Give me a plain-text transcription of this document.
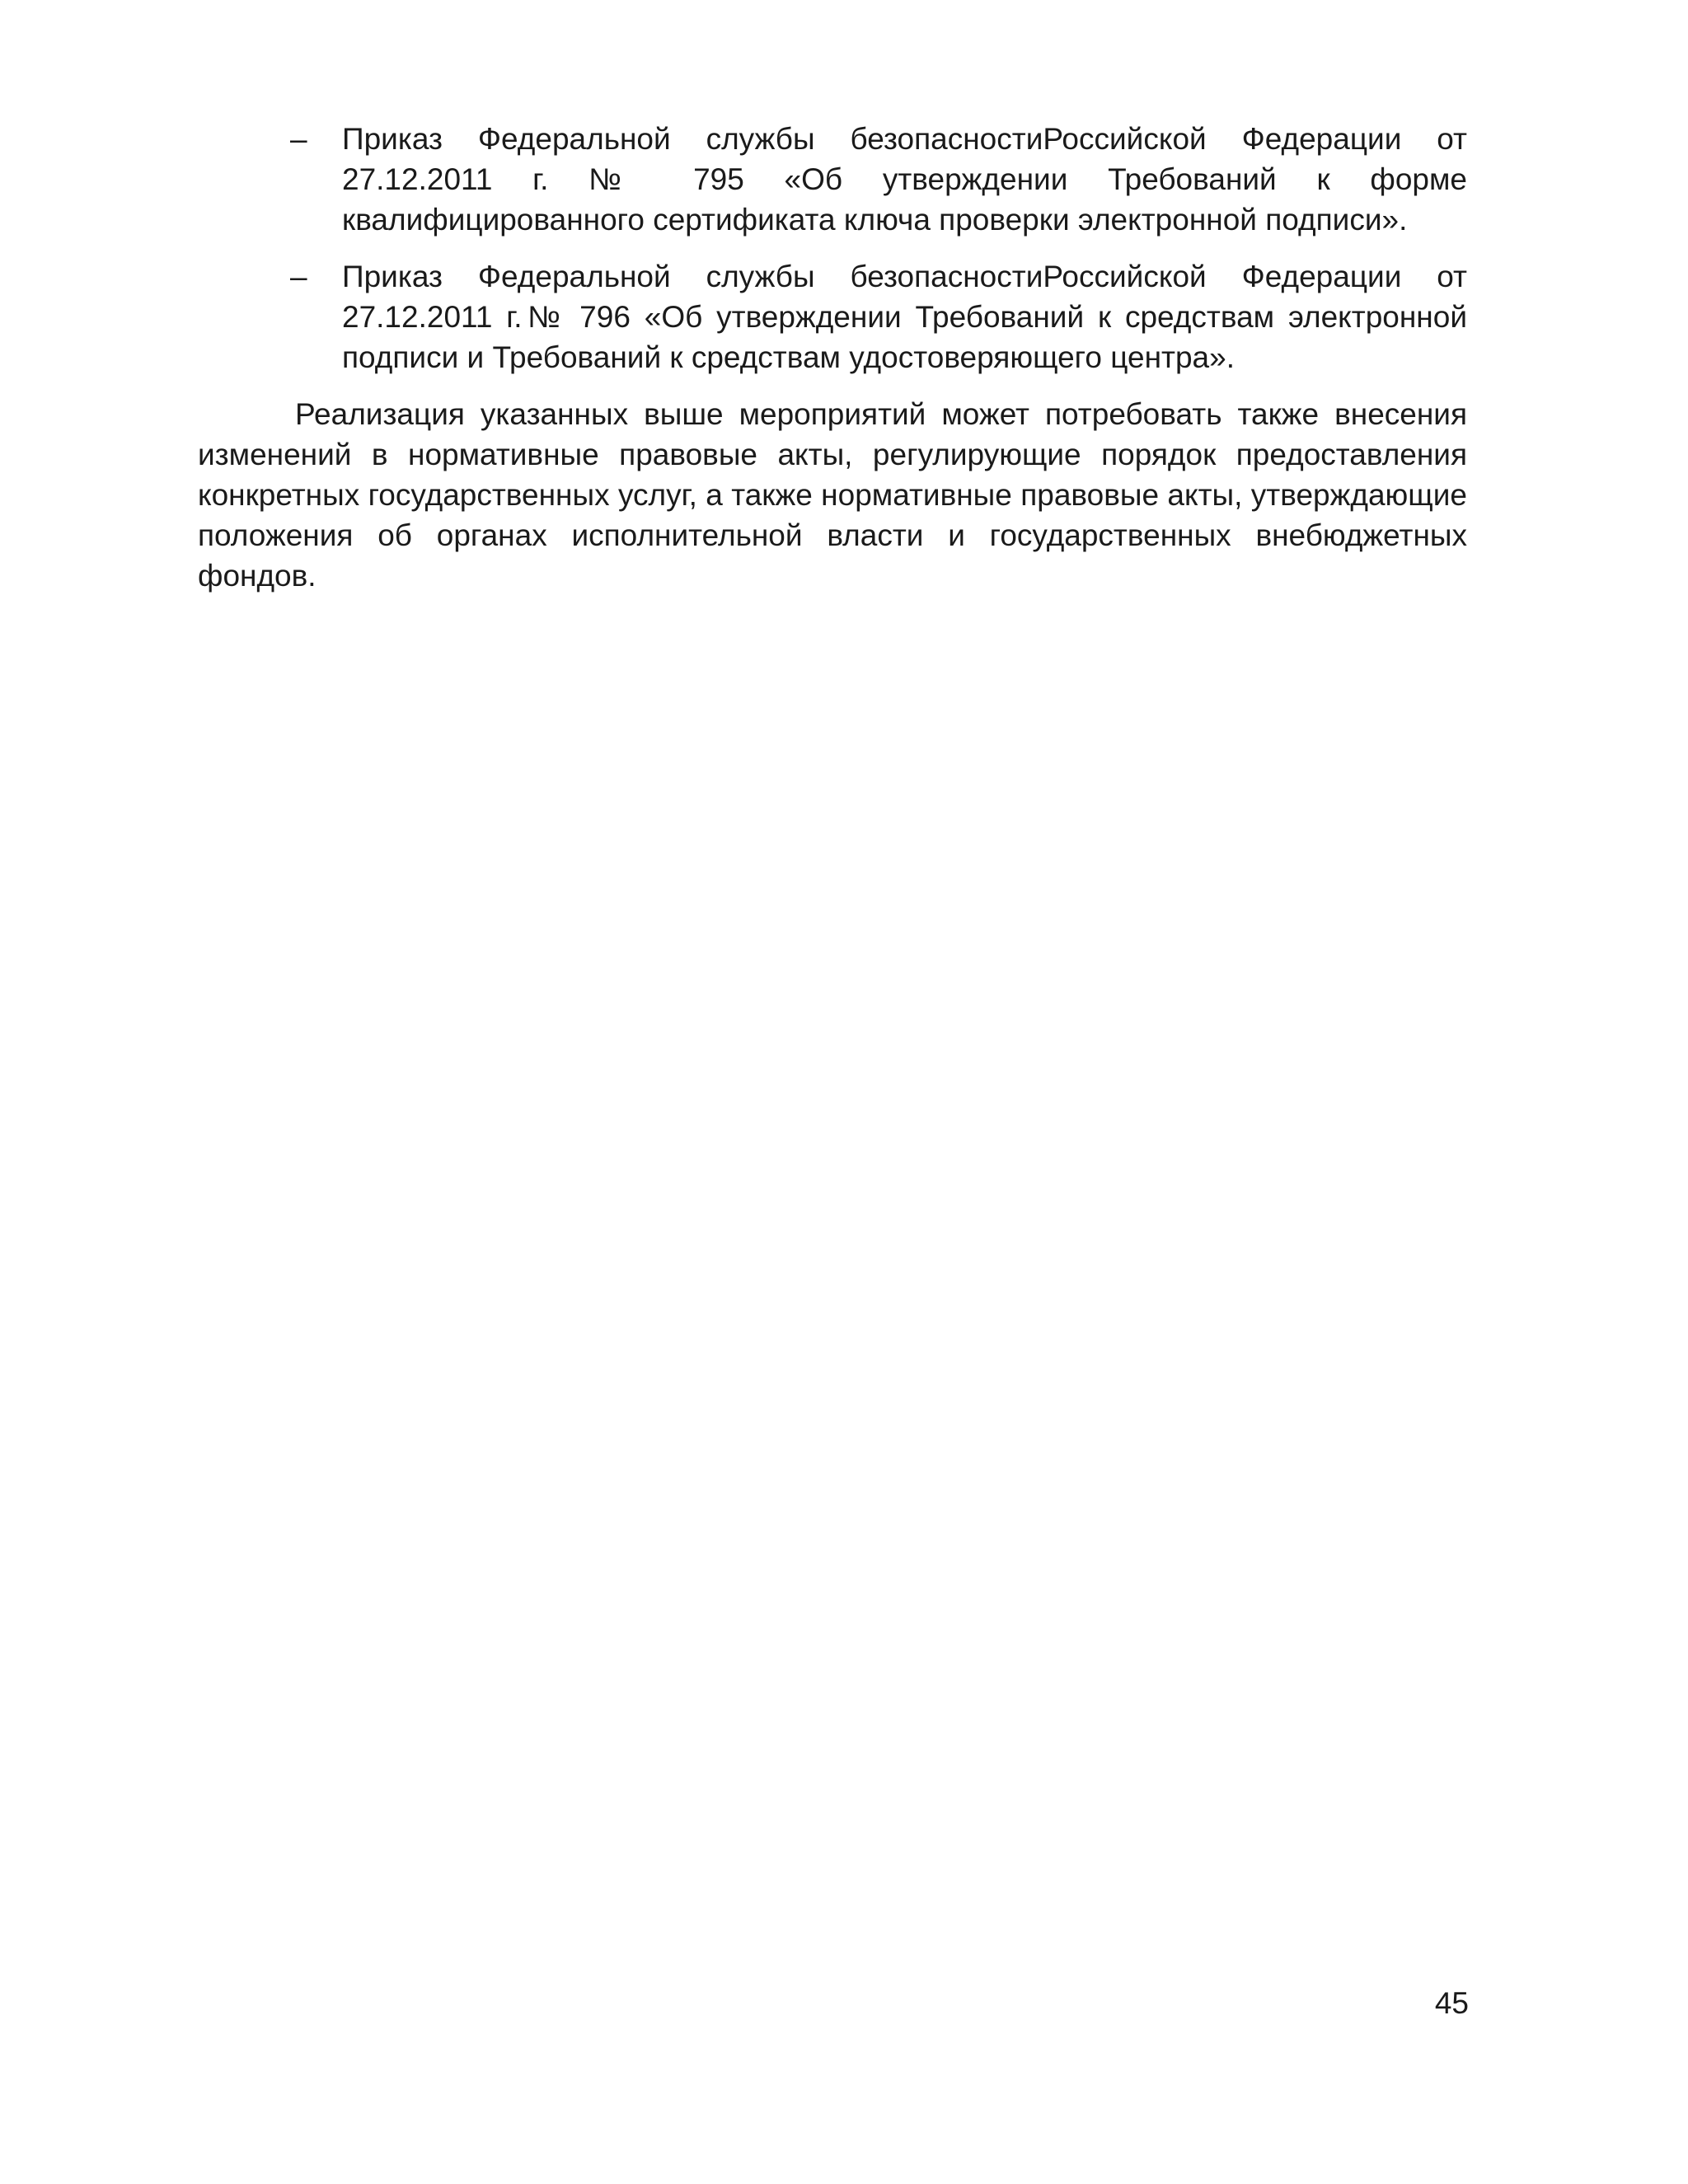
– Приказ Федеральной службы безопасностиРоссийской Федерации от 27.12.2011 г. № 795 «Об утверждении Требований к форме квалифицированного сертификата ключа проверки электронной подписи».
– Приказ Федеральной службы безопасностиРоссийской Федерации от 27.12.2011 г.№ 796 «Об утверждении Требований к средствам электронной подписи и Требований к средствам удостоверяющего центра».

Реализация указанных выше мероприятий может потребовать также внесения изменений в нормативные правовые акты, регулирующие порядок предоставления конкретных государственных услуг, а также нормативные правовые акты, утверждающие положения об органах исполнительной власти и государственных внебюджетных фондов.

45
